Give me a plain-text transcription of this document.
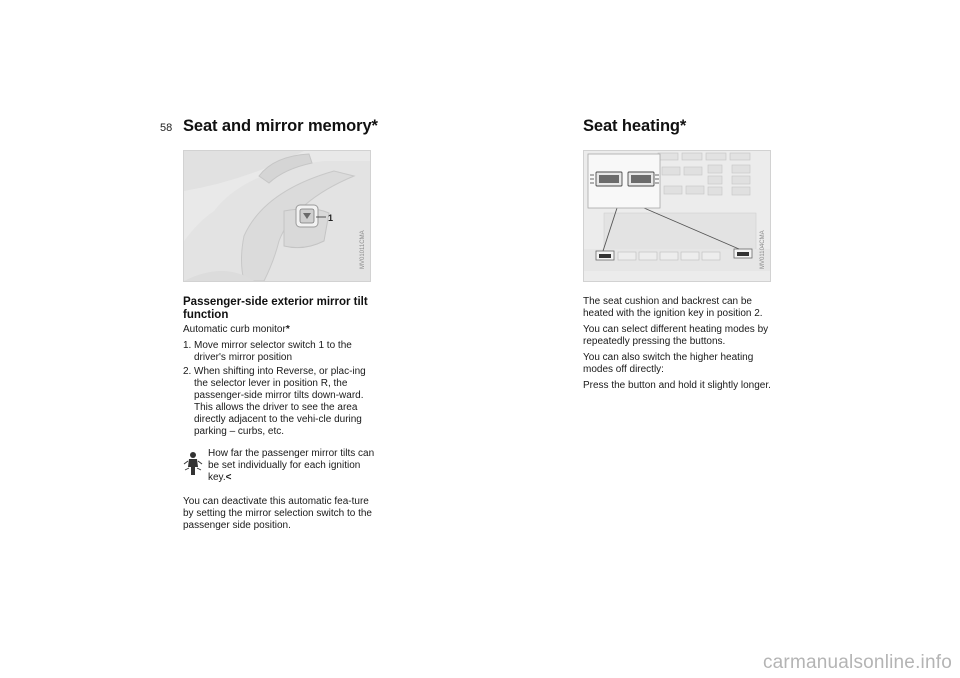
58 Seat and mirror memory*
1
MV01011CMA
Passenger-side exterior mirror tilt function

Automatic curb monitor*

1. Move mirror selector switch 1 to the driver's mirror position
2. When shifting into Reverse, or plac-ing the selector lever in position R, the passenger-side mirror tilts down-ward. This allows the driver to see the area directly adjacent to the vehi-cle during parking – curbs, etc.
How far the passenger mirror tilts can be set individually for each ignition key.<
You can deactivate this automatic fea-ture by setting the mirror selection switch to the passenger side position.
Seat heating*
MV01104CMA

The seat cushion and backrest can be heated with the ignition key in position 2.

You can select different heating modes by repeatedly pressing the buttons.

You can also switch the higher heating modes off directly:

Press the button and hold it slightly longer.

carmanualsonline.info
